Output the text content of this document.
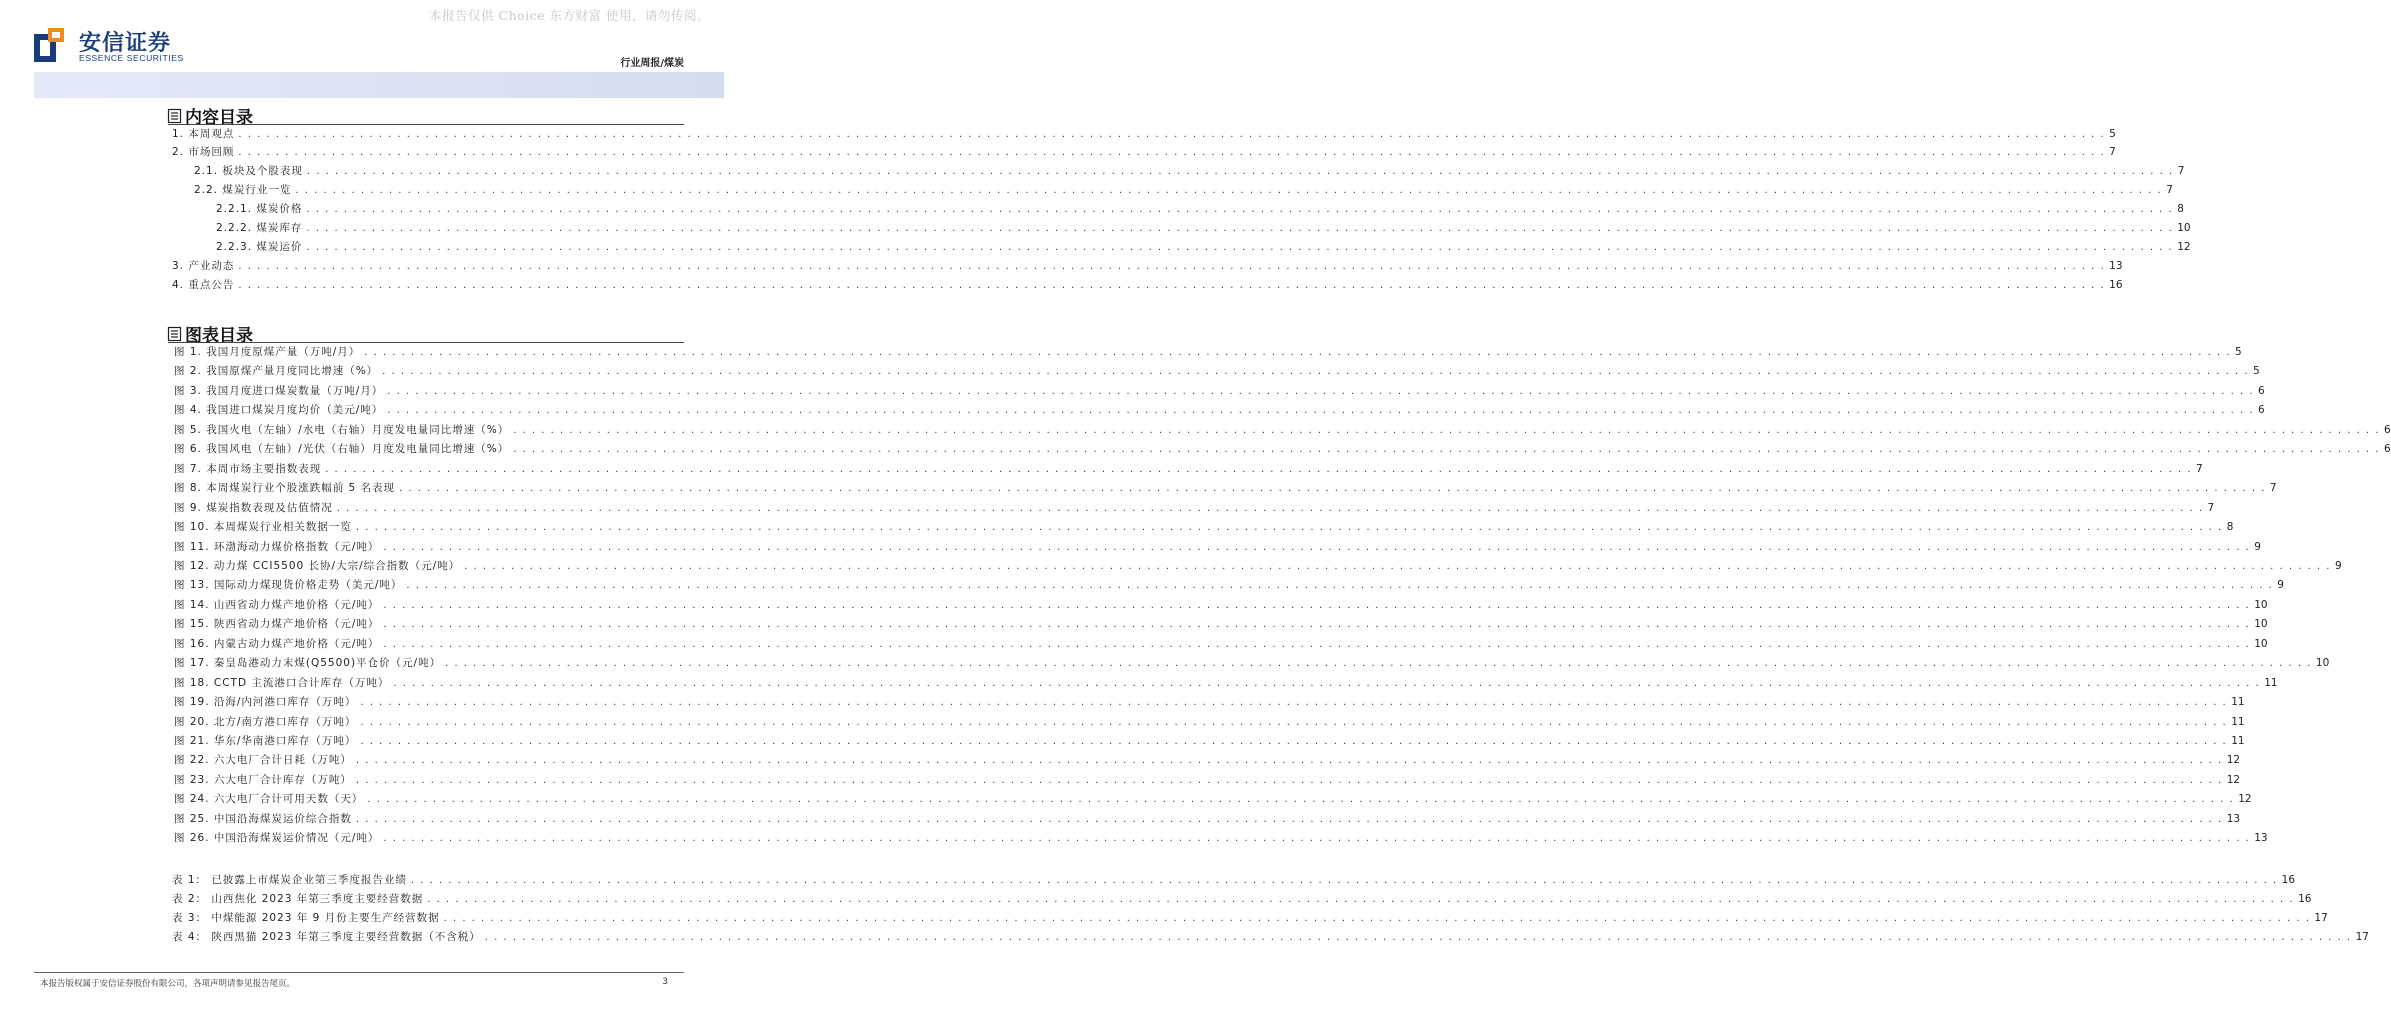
本报告仅供 Choice 东方财富 使用，请勿传阅。
安信证券
ESSENCE SECURITIES	行业周报/煤炭
内容目录
1. 本周观点 . . . . . . . . . . . . . . . . . . . . . . . . . . . . . . . . . . . . . . . . . . . . . . . . . . . . . . . . . . . . . . . . . . . . . . . . . . . . . . . . . . . . . . . . . . . . . . . . . . . . . . . . . . . . . . . . . . . . . . . . . . . . . . . . . . . . . . . . . . . . . . . . . . . . . . . . . . . . . . . . . . . . . . . . . . . . . . . . . . . . . . . . . . . . . . . . . . . . . . . . 5
2. 市场回顾 . . . . . . . . . . . . . . . . . . . . . . . . . . . . . . . . . . . . . . . . . . . . . . . . . . . . . . . . . . . . . . . . . . . . . . . . . . . . . . . . . . . . . . . . . . . . . . . . . . . . . . . . . . . . . . . . . . . . . . . . . . . . . . . . . . . . . . . . . . . . . . . . . . . . . . . . . . . . . . . . . . . . . . . . . . . . . . . . . . . . . . . . . . . . . . . . . . . . . . . . 7
2.1. 板块及个股表现 . . . . . . . . . . . . . . . . . . . . . . . . . . . . . . . . . . . . . . . . . . . . . . . . . . . . . . . . . . . . . . . . . . . . . . . . . . . . . . . . . . . . . . . . . . . . . . . . . . . . . . . . . . . . . . . . . . . . . . . . . . . . . . . . . . . . . . . . . . . . . . . . . . . . . . . . . . . . . . . . . . . . . . . . . . . . . . . . . . . . . . . . . . . . . . . . . . . . . . . . 7
2.2. 煤炭行业一览 . . . . . . . . . . . . . . . . . . . . . . . . . . . . . . . . . . . . . . . . . . . . . . . . . . . . . . . . . . . . . . . . . . . . . . . . . . . . . . . . . . . . . . . . . . . . . . . . . . . . . . . . . . . . . . . . . . . . . . . . . . . . . . . . . . . . . . . . . . . . . . . . . . . . . . . . . . . . . . . . . . . . . . . . . . . . . . . . . . . . . . . . . . . . . . . . . . . . . . . . 7
2.2.1. 煤炭价格 . . . . . . . . . . . . . . . . . . . . . . . . . . . . . . . . . . . . . . . . . . . . . . . . . . . . . . . . . . . . . . . . . . . . . . . . . . . . . . . . . . . . . . . . . . . . . . . . . . . . . . . . . . . . . . . . . . . . . . . . . . . . . . . . . . . . . . . . . . . . . . . . . . . . . . . . . . . . . . . . . . . . . . . . . . . . . . . . . . . . . . . . . . . . . . . . . . . . . . . . 8
2.2.2. 煤炭库存 . . . . . . . . . . . . . . . . . . . . . . . . . . . . . . . . . . . . . . . . . . . . . . . . . . . . . . . . . . . . . . . . . . . . . . . . . . . . . . . . . . . . . . . . . . . . . . . . . . . . . . . . . . . . . . . . . . . . . . . . . . . . . . . . . . . . . . . . . . . . . . . . . . . . . . . . . . . . . . . . . . . . . . . . . . . . . . . . . . . . . . . . . . . . . . . . . . . . . . . . 10
2.2.3. 煤炭运价 . . . . . . . . . . . . . . . . . . . . . . . . . . . . . . . . . . . . . . . . . . . . . . . . . . . . . . . . . . . . . . . . . . . . . . . . . . . . . . . . . . . . . . . . . . . . . . . . . . . . . . . . . . . . . . . . . . . . . . . . . . . . . . . . . . . . . . . . . . . . . . . . . . . . . . . . . . . . . . . . . . . . . . . . . . . . . . . . . . . . . . . . . . . . . . . . . . . . . . . . 12
3. 产业动态 . . . . . . . . . . . . . . . . . . . . . . . . . . . . . . . . . . . . . . . . . . . . . . . . . . . . . . . . . . . . . . . . . . . . . . . . . . . . . . . . . . . . . . . . . . . . . . . . . . . . . . . . . . . . . . . . . . . . . . . . . . . . . . . . . . . . . . . . . . . . . . . . . . . . . . . . . . . . . . . . . . . . . . . . . . . . . . . . . . . . . . . . . . . . . . . . . . . . . . . . 13
4. 重点公告 . . . . . . . . . . . . . . . . . . . . . . . . . . . . . . . . . . . . . . . . . . . . . . . . . . . . . . . . . . . . . . . . . . . . . . . . . . . . . . . . . . . . . . . . . . . . . . . . . . . . . . . . . . . . . . . . . . . . . . . . . . . . . . . . . . . . . . . . . . . . . . . . . . . . . . . . . . . . . . . . . . . . . . . . . . . . . . . . . . . . . . . . . . . . . . . . . . . . . . . . 16
图表目录
图 1. 我国月度原煤产量（万吨/月） . . . . . . . . . . . . . . . . . . . . . . . . . . . . . . . . . . . . . . . . . . . . . . . . . . . . . . . . . . . . . . . . . . . . . . . . . . . . . . . . . . . . . . . . . . . . . . . . . . . . . . . . . . . . . . . . . . . . . . . . . . . . . . . . . . . . . . . . . . . . . . . . . . . . . . . . . . . . . . . . . . . . . . . . . . . . . . . . . . . . . . . . . . . . . . . . . . . . . . . . 5
图 2. 我国原煤产量月度同比增速（%） . . . . . . . . . . . . . . . . . . . . . . . . . . . . . . . . . . . . . . . . . . . . . . . . . . . . . . . . . . . . . . . . . . . . . . . . . . . . . . . . . . . . . . . . . . . . . . . . . . . . . . . . . . . . . . . . . . . . . . . . . . . . . . . . . . . . . . . . . . . . . . . . . . . . . . . . . . . . . . . . . . . . . . . . . . . . . . . . . . . . . . . . . . . . . . . . . . . . . . . . 5
图 3. 我国月度进口煤炭数量（万吨/月） . . . . . . . . . . . . . . . . . . . . . . . . . . . . . . . . . . . . . . . . . . . . . . . . . . . . . . . . . . . . . . . . . . . . . . . . . . . . . . . . . . . . . . . . . . . . . . . . . . . . . . . . . . . . . . . . . . . . . . . . . . . . . . . . . . . . . . . . . . . . . . . . . . . . . . . . . . . . . . . . . . . . . . . . . . . . . . . . . . . . . . . . . . . . . . . . . . . . . . . . 6
图 4. 我国进口煤炭月度均价（美元/吨） . . . . . . . . . . . . . . . . . . . . . . . . . . . . . . . . . . . . . . . . . . . . . . . . . . . . . . . . . . . . . . . . . . . . . . . . . . . . . . . . . . . . . . . . . . . . . . . . . . . . . . . . . . . . . . . . . . . . . . . . . . . . . . . . . . . . . . . . . . . . . . . . . . . . . . . . . . . . . . . . . . . . . . . . . . . . . . . . . . . . . . . . . . . . . . . . . . . . . . . . 6
图 5. 我国火电（左轴）/水电（右轴）月度发电量同比增速（%） . . . . . . . . . . . . . . . . . . . . . . . . . . . . . . . . . . . . . . . . . . . . . . . . . . . . . . . . . . . . . . . . . . . . . . . . . . . . . . . . . . . . . . . . . . . . . . . . . . . . . . . . . . . . . . . . . . . . . . . . . . . . . . . . . . . . . . . . . . . . . . . . . . . . . . . . . . . . . . . . . . . . . . . . . . . . . . . . . . . . . . . . . . . . . . . . . . . . . . . . 6
图 6. 我国风电（左轴）/光伏（右轴）月度发电量同比增速（%） . . . . . . . . . . . . . . . . . . . . . . . . . . . . . . . . . . . . . . . . . . . . . . . . . . . . . . . . . . . . . . . . . . . . . . . . . . . . . . . . . . . . . . . . . . . . . . . . . . . . . . . . . . . . . . . . . . . . . . . . . . . . . . . . . . . . . . . . . . . . . . . . . . . . . . . . . . . . . . . . . . . . . . . . . . . . . . . . . . . . . . . . . . . . . . . . . . . . . . . . 6
图 7. 本周市场主要指数表现 . . . . . . . . . . . . . . . . . . . . . . . . . . . . . . . . . . . . . . . . . . . . . . . . . . . . . . . . . . . . . . . . . . . . . . . . . . . . . . . . . . . . . . . . . . . . . . . . . . . . . . . . . . . . . . . . . . . . . . . . . . . . . . . . . . . . . . . . . . . . . . . . . . . . . . . . . . . . . . . . . . . . . . . . . . . . . . . . . . . . . . . . . . . . . . . . . . . . . . . . 7
图 8. 本周煤炭行业个股涨跌幅前 5 名表现 . . . . . . . . . . . . . . . . . . . . . . . . . . . . . . . . . . . . . . . . . . . . . . . . . . . . . . . . . . . . . . . . . . . . . . . . . . . . . . . . . . . . . . . . . . . . . . . . . . . . . . . . . . . . . . . . . . . . . . . . . . . . . . . . . . . . . . . . . . . . . . . . . . . . . . . . . . . . . . . . . . . . . . . . . . . . . . . . . . . . . . . . . . . . . . . . . . . . . . . . 7
图 9. 煤炭指数表现及估值情况 . . . . . . . . . . . . . . . . . . . . . . . . . . . . . . . . . . . . . . . . . . . . . . . . . . . . . . . . . . . . . . . . . . . . . . . . . . . . . . . . . . . . . . . . . . . . . . . . . . . . . . . . . . . . . . . . . . . . . . . . . . . . . . . . . . . . . . . . . . . . . . . . . . . . . . . . . . . . . . . . . . . . . . . . . . . . . . . . . . . . . . . . . . . . . . . . . . . . . . . . 7
图 10. 本周煤炭行业相关数据一览 . . . . . . . . . . . . . . . . . . . . . . . . . . . . . . . . . . . . . . . . . . . . . . . . . . . . . . . . . . . . . . . . . . . . . . . . . . . . . . . . . . . . . . . . . . . . . . . . . . . . . . . . . . . . . . . . . . . . . . . . . . . . . . . . . . . . . . . . . . . . . . . . . . . . . . . . . . . . . . . . . . . . . . . . . . . . . . . . . . . . . . . . . . . . . . . . . . . . . . . . 8
图 11. 环渤海动力煤价格指数（元/吨） . . . . . . . . . . . . . . . . . . . . . . . . . . . . . . . . . . . . . . . . . . . . . . . . . . . . . . . . . . . . . . . . . . . . . . . . . . . . . . . . . . . . . . . . . . . . . . . . . . . . . . . . . . . . . . . . . . . . . . . . . . . . . . . . . . . . . . . . . . . . . . . . . . . . . . . . . . . . . . . . . . . . . . . . . . . . . . . . . . . . . . . . . . . . . . . . . . . . . . . . 9
图 12. 动力煤 CCI5500 长协/大宗/综合指数（元/吨） . . . . . . . . . . . . . . . . . . . . . . . . . . . . . . . . . . . . . . . . . . . . . . . . . . . . . . . . . . . . . . . . . . . . . . . . . . . . . . . . . . . . . . . . . . . . . . . . . . . . . . . . . . . . . . . . . . . . . . . . . . . . . . . . . . . . . . . . . . . . . . . . . . . . . . . . . . . . . . . . . . . . . . . . . . . . . . . . . . . . . . . . . . . . . . . . . . . . . . . . 9
图 13. 国际动力煤现货价格走势（美元/吨） . . . . . . . . . . . . . . . . . . . . . . . . . . . . . . . . . . . . . . . . . . . . . . . . . . . . . . . . . . . . . . . . . . . . . . . . . . . . . . . . . . . . . . . . . . . . . . . . . . . . . . . . . . . . . . . . . . . . . . . . . . . . . . . . . . . . . . . . . . . . . . . . . . . . . . . . . . . . . . . . . . . . . . . . . . . . . . . . . . . . . . . . . . . . . . . . . . . . . . . . 9
图 14. 山西省动力煤产地价格（元/吨） . . . . . . . . . . . . . . . . . . . . . . . . . . . . . . . . . . . . . . . . . . . . . . . . . . . . . . . . . . . . . . . . . . . . . . . . . . . . . . . . . . . . . . . . . . . . . . . . . . . . . . . . . . . . . . . . . . . . . . . . . . . . . . . . . . . . . . . . . . . . . . . . . . . . . . . . . . . . . . . . . . . . . . . . . . . . . . . . . . . . . . . . . . . . . . . . . . . . . . . . 10
图 15. 陕西省动力煤产地价格（元/吨） . . . . . . . . . . . . . . . . . . . . . . . . . . . . . . . . . . . . . . . . . . . . . . . . . . . . . . . . . . . . . . . . . . . . . . . . . . . . . . . . . . . . . . . . . . . . . . . . . . . . . . . . . . . . . . . . . . . . . . . . . . . . . . . . . . . . . . . . . . . . . . . . . . . . . . . . . . . . . . . . . . . . . . . . . . . . . . . . . . . . . . . . . . . . . . . . . . . . . . . . 10
图 16. 内蒙古动力煤产地价格（元/吨） . . . . . . . . . . . . . . . . . . . . . . . . . . . . . . . . . . . . . . . . . . . . . . . . . . . . . . . . . . . . . . . . . . . . . . . . . . . . . . . . . . . . . . . . . . . . . . . . . . . . . . . . . . . . . . . . . . . . . . . . . . . . . . . . . . . . . . . . . . . . . . . . . . . . . . . . . . . . . . . . . . . . . . . . . . . . . . . . . . . . . . . . . . . . . . . . . . . . . . . . 10
图 17. 秦皇岛港动力末煤(Q5500)平仓价（元/吨） . . . . . . . . . . . . . . . . . . . . . . . . . . . . . . . . . . . . . . . . . . . . . . . . . . . . . . . . . . . . . . . . . . . . . . . . . . . . . . . . . . . . . . . . . . . . . . . . . . . . . . . . . . . . . . . . . . . . . . . . . . . . . . . . . . . . . . . . . . . . . . . . . . . . . . . . . . . . . . . . . . . . . . . . . . . . . . . . . . . . . . . . . . . . . . . . . . . . . . . . 10
图 18. CCTD 主流港口合计库存（万吨） . . . . . . . . . . . . . . . . . . . . . . . . . . . . . . . . . . . . . . . . . . . . . . . . . . . . . . . . . . . . . . . . . . . . . . . . . . . . . . . . . . . . . . . . . . . . . . . . . . . . . . . . . . . . . . . . . . . . . . . . . . . . . . . . . . . . . . . . . . . . . . . . . . . . . . . . . . . . . . . . . . . . . . . . . . . . . . . . . . . . . . . . . . . . . . . . . . . . . . . . 11
图 19. 沿海/内河港口库存（万吨） . . . . . . . . . . . . . . . . . . . . . . . . . . . . . . . . . . . . . . . . . . . . . . . . . . . . . . . . . . . . . . . . . . . . . . . . . . . . . . . . . . . . . . . . . . . . . . . . . . . . . . . . . . . . . . . . . . . . . . . . . . . . . . . . . . . . . . . . . . . . . . . . . . . . . . . . . . . . . . . . . . . . . . . . . . . . . . . . . . . . . . . . . . . . . . . . . . . . . . . . 11
图 20. 北方/南方港口库存（万吨） . . . . . . . . . . . . . . . . . . . . . . . . . . . . . . . . . . . . . . . . . . . . . . . . . . . . . . . . . . . . . . . . . . . . . . . . . . . . . . . . . . . . . . . . . . . . . . . . . . . . . . . . . . . . . . . . . . . . . . . . . . . . . . . . . . . . . . . . . . . . . . . . . . . . . . . . . . . . . . . . . . . . . . . . . . . . . . . . . . . . . . . . . . . . . . . . . . . . . . . . 11
图 21. 华东/华南港口库存（万吨） . . . . . . . . . . . . . . . . . . . . . . . . . . . . . . . . . . . . . . . . . . . . . . . . . . . . . . . . . . . . . . . . . . . . . . . . . . . . . . . . . . . . . . . . . . . . . . . . . . . . . . . . . . . . . . . . . . . . . . . . . . . . . . . . . . . . . . . . . . . . . . . . . . . . . . . . . . . . . . . . . . . . . . . . . . . . . . . . . . . . . . . . . . . . . . . . . . . . . . . . 11
图 22. 六大电厂合计日耗（万吨） . . . . . . . . . . . . . . . . . . . . . . . . . . . . . . . . . . . . . . . . . . . . . . . . . . . . . . . . . . . . . . . . . . . . . . . . . . . . . . . . . . . . . . . . . . . . . . . . . . . . . . . . . . . . . . . . . . . . . . . . . . . . . . . . . . . . . . . . . . . . . . . . . . . . . . . . . . . . . . . . . . . . . . . . . . . . . . . . . . . . . . . . . . . . . . . . . . . . . . . . 12
图 23. 六大电厂合计库存（万吨） . . . . . . . . . . . . . . . . . . . . . . . . . . . . . . . . . . . . . . . . . . . . . . . . . . . . . . . . . . . . . . . . . . . . . . . . . . . . . . . . . . . . . . . . . . . . . . . . . . . . . . . . . . . . . . . . . . . . . . . . . . . . . . . . . . . . . . . . . . . . . . . . . . . . . . . . . . . . . . . . . . . . . . . . . . . . . . . . . . . . . . . . . . . . . . . . . . . . . . . . 12
图 24. 六大电厂合计可用天数（天） . . . . . . . . . . . . . . . . . . . . . . . . . . . . . . . . . . . . . . . . . . . . . . . . . . . . . . . . . . . . . . . . . . . . . . . . . . . . . . . . . . . . . . . . . . . . . . . . . . . . . . . . . . . . . . . . . . . . . . . . . . . . . . . . . . . . . . . . . . . . . . . . . . . . . . . . . . . . . . . . . . . . . . . . . . . . . . . . . . . . . . . . . . . . . . . . . . . . . . . . 12
图 25. 中国沿海煤炭运价综合指数 . . . . . . . . . . . . . . . . . . . . . . . . . . . . . . . . . . . . . . . . . . . . . . . . . . . . . . . . . . . . . . . . . . . . . . . . . . . . . . . . . . . . . . . . . . . . . . . . . . . . . . . . . . . . . . . . . . . . . . . . . . . . . . . . . . . . . . . . . . . . . . . . . . . . . . . . . . . . . . . . . . . . . . . . . . . . . . . . . . . . . . . . . . . . . . . . . . . . . . . . 13
图 26. 中国沿海煤炭运价情况（元/吨） . . . . . . . . . . . . . . . . . . . . . . . . . . . . . . . . . . . . . . . . . . . . . . . . . . . . . . . . . . . . . . . . . . . . . . . . . . . . . . . . . . . . . . . . . . . . . . . . . . . . . . . . . . . . . . . . . . . . . . . . . . . . . . . . . . . . . . . . . . . . . . . . . . . . . . . . . . . . . . . . . . . . . . . . . . . . . . . . . . . . . . . . . . . . . . . . . . . . . . . . 13
表 1： 已披露上市煤炭企业第三季度报告业绩 . . . . . . . . . . . . . . . . . . . . . . . . . . . . . . . . . . . . . . . . . . . . . . . . . . . . . . . . . . . . . . . . . . . . . . . . . . . . . . . . . . . . . . . . . . . . . . . . . . . . . . . . . . . . . . . . . . . . . . . . . . . . . . . . . . . . . . . . . . . . . . . . . . . . . . . . . . . . . . . . . . . . . . . . . . . . . . . . . . . . . . . . . . . . . . . . . . . . . . . . 16
表 2： 山西焦化 2023 年第三季度主要经营数据 . . . . . . . . . . . . . . . . . . . . . . . . . . . . . . . . . . . . . . . . . . . . . . . . . . . . . . . . . . . . . . . . . . . . . . . . . . . . . . . . . . . . . . . . . . . . . . . . . . . . . . . . . . . . . . . . . . . . . . . . . . . . . . . . . . . . . . . . . . . . . . . . . . . . . . . . . . . . . . . . . . . . . . . . . . . . . . . . . . . . . . . . . . . . . . . . . . . . . . . . 16
表 3： 中煤能源 2023 年 9 月份主要生产经营数据 . . . . . . . . . . . . . . . . . . . . . . . . . . . . . . . . . . . . . . . . . . . . . . . . . . . . . . . . . . . . . . . . . . . . . . . . . . . . . . . . . . . . . . . . . . . . . . . . . . . . . . . . . . . . . . . . . . . . . . . . . . . . . . . . . . . . . . . . . . . . . . . . . . . . . . . . . . . . . . . . . . . . . . . . . . . . . . . . . . . . . . . . . . . . . . . . . . . . . . . . 17
表 4： 陕西黑猫 2023 年第三季度主要经营数据（不含税） . . . . . . . . . . . . . . . . . . . . . . . . . . . . . . . . . . . . . . . . . . . . . . . . . . . . . . . . . . . . . . . . . . . . . . . . . . . . . . . . . . . . . . . . . . . . . . . . . . . . . . . . . . . . . . . . . . . . . . . . . . . . . . . . . . . . . . . . . . . . . . . . . . . . . . . . . . . . . . . . . . . . . . . . . . . . . . . . . . . . . . . . . . . . . . . . . . . . . . . . 17
本报告版权属于安信证券股份有限公司，各项声明请参见报告尾页。	3
